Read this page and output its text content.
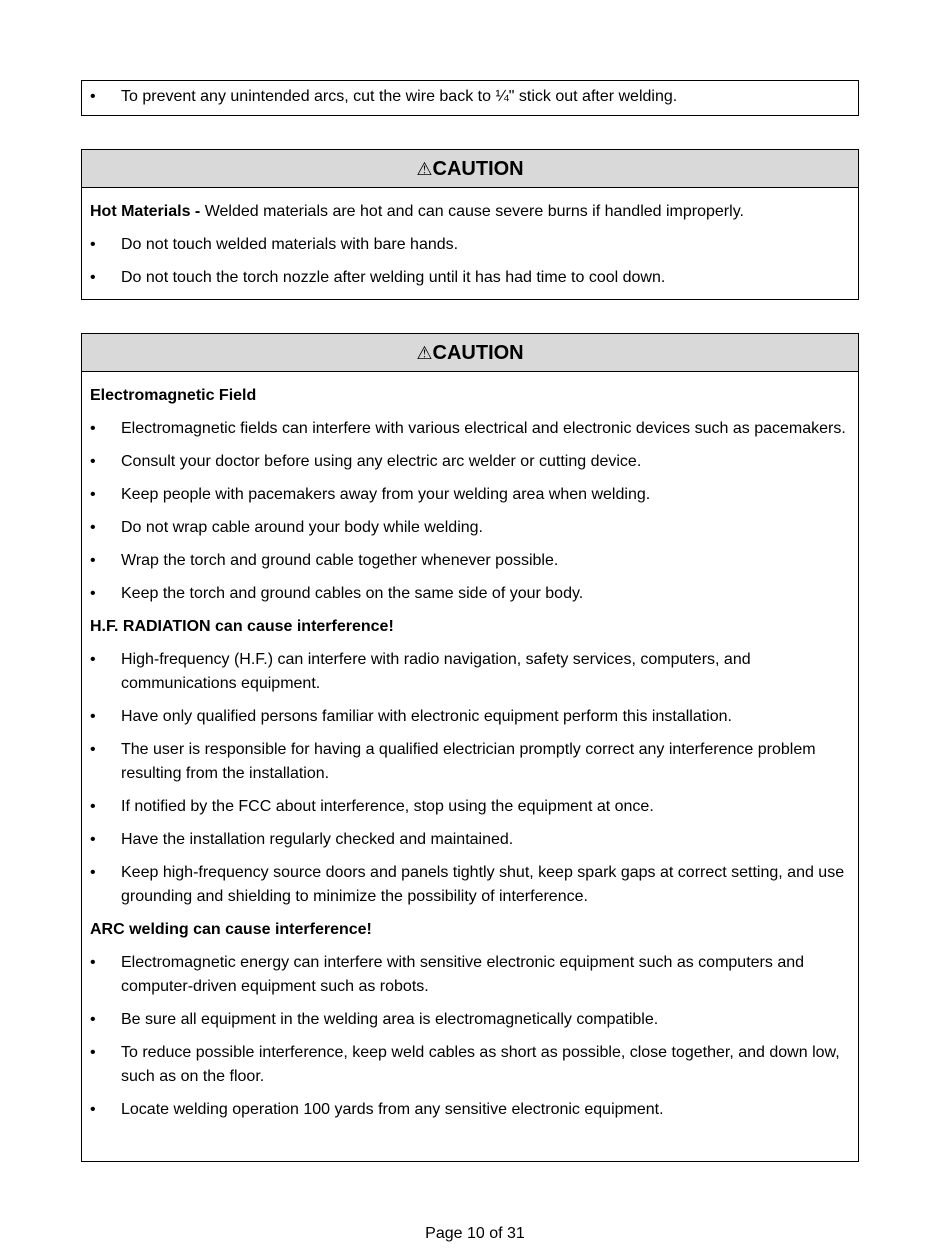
•	To prevent any unintended arcs, cut the wire back to ¼" stick out after welding.
⚠CAUTION
Hot Materials - Welded materials are hot and can cause severe burns if handled improperly.
•	Do not touch welded materials with bare hands.
•	Do not touch the torch nozzle after welding until it has had time to cool down.
⚠CAUTION
Electromagnetic Field
•	Electromagnetic fields can interfere with various electrical and electronic devices such as pacemakers.
•	Consult your doctor before using any electric arc welder or cutting device.
•	Keep people with pacemakers away from your welding area when welding.
•	Do not wrap cable around your body while welding.
•	Wrap the torch and ground cable together whenever possible.
•	Keep the torch and ground cables on the same side of your body.
H.F. RADIATION can cause interference!
•	High-frequency (H.F.) can interfere with radio navigation, safety services, computers, and communications equipment.
•	Have only qualified persons familiar with electronic equipment perform this installation.
•	The user is responsible for having a qualified electrician promptly correct any interference problem resulting from the installation.
•	If notified by the FCC about interference, stop using the equipment at once.
•	Have the installation regularly checked and maintained.
•	Keep high-frequency source doors and panels tightly shut, keep spark gaps at correct setting, and use grounding and shielding to minimize the possibility of interference.
ARC welding can cause interference!
•	Electromagnetic energy can interfere with sensitive electronic equipment such as computers and computer-driven equipment such as robots.
•	Be sure all equipment in the welding area is electromagnetically compatible.
•	To reduce possible interference, keep weld cables as short as possible, close together, and down low, such as on the floor.
•	Locate welding operation 100 yards from any sensitive electronic equipment.
Page 10 of 31
